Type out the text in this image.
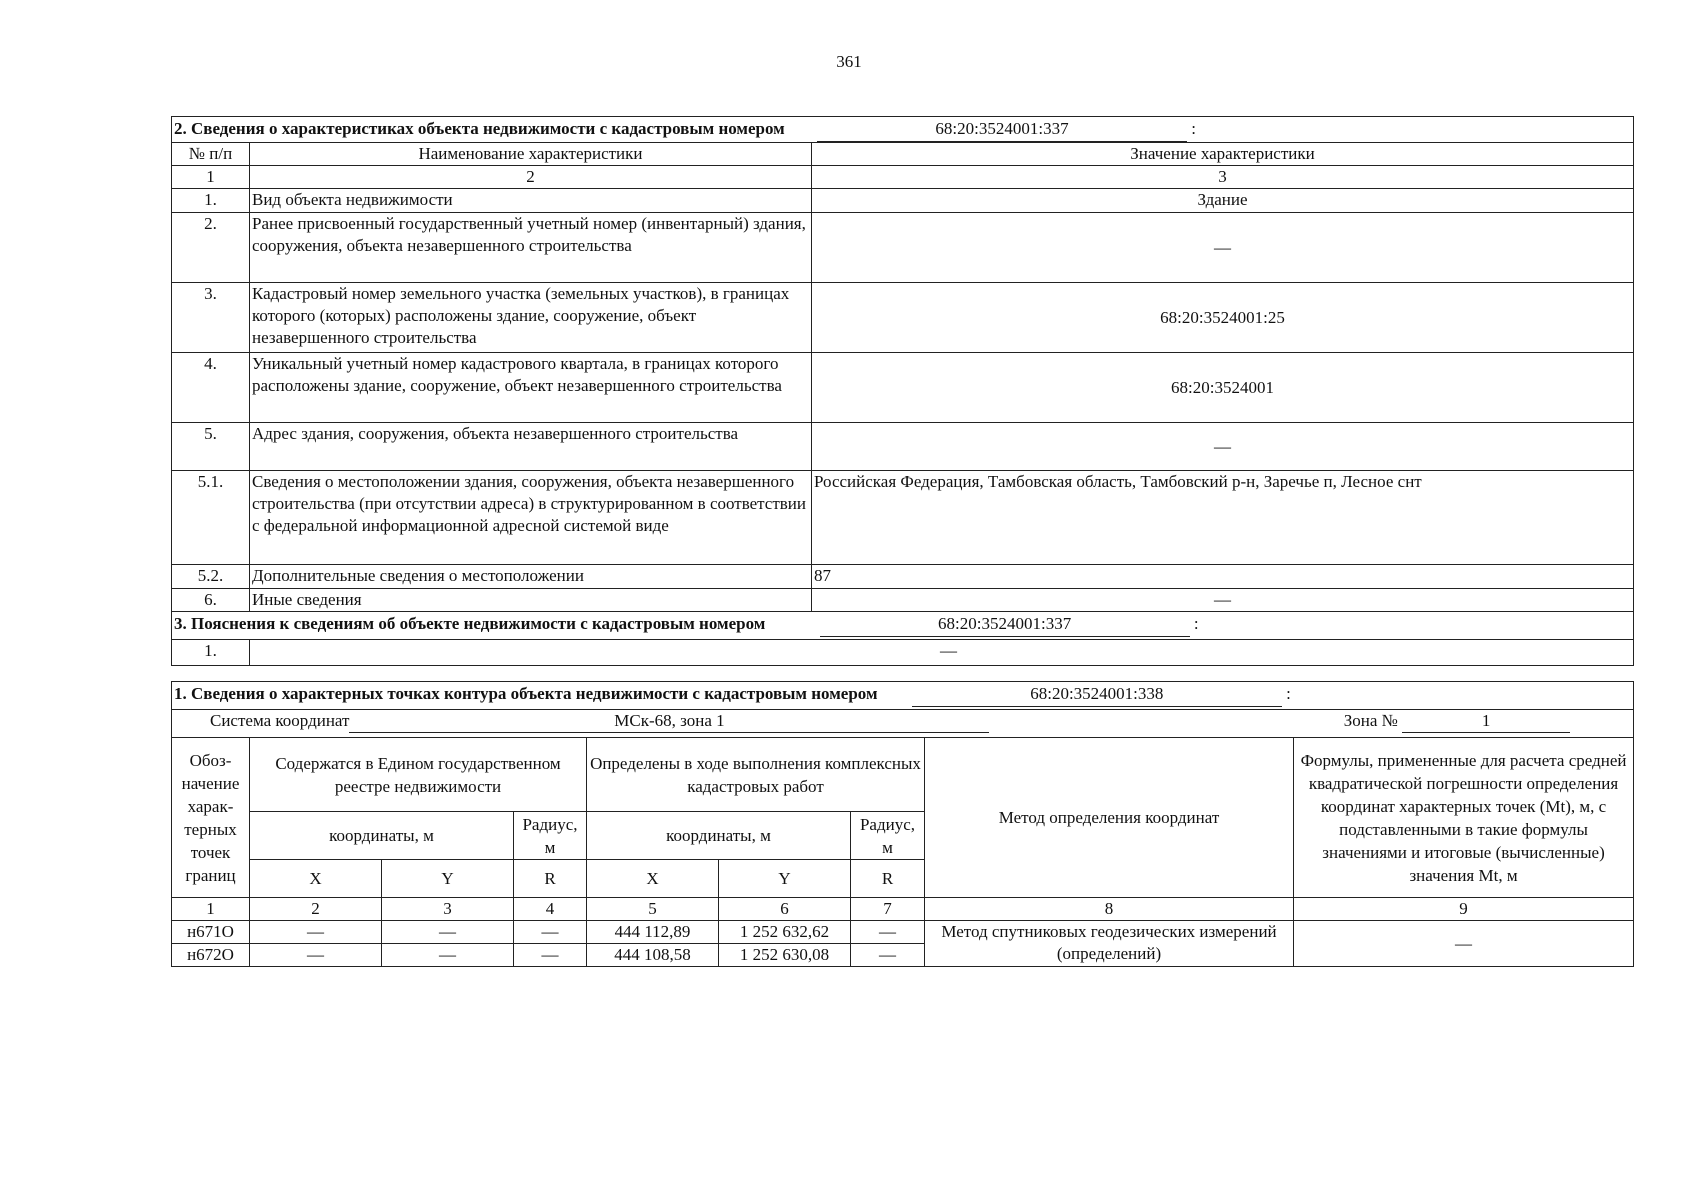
361
2. Сведения о характеристиках объекта недвижимости с кадастровым номером 68:20:3524001:337 :		
№ п/п	Наименование характеристики	Значение характеристики
1	2	3
1.	Вид объекта недвижимости	Здание
2.	Ранее присвоенный государственный учетный номер (инвентарный) здания, сооружения, объекта незавершенного строительства	—
3.	Кадастровый номер земельного участка (земельных участков), в границах которого (которых) расположены здание, сооружение, объект незавершенного строительства	68:20:3524001:25
4.	Уникальный учетный номер кадастрового квартала, в границах которого расположены здание, сооружение, объект незавершенного строительства	68:20:3524001
5.	Адрес здания, сооружения, объекта незавершенного строительства	—
5.1.	Сведения о местоположении здания, сооружения, объекта незавершенного строительства (при отсутствии адреса) в структурированном в соответствии с федеральной информационной адресной системой виде	Российская Федерация, Тамбовская область, Тамбовский р-н, Заречье п, Лесное снт
5.2.	Дополнительные сведения о местоположении	87
6.	Иные сведения	—
3. Пояснения к сведениям об объекте недвижимости с кадастровым номером 68:20:3524001:337 :		
1.	—	
1. Сведения о характерных точках контура объекта недвижимости с кадастровым номером 68:20:3524001:338 :								
Система координат МСк-68, зона 1 Зона № 1								
Обоз-начение харак-терных точек границ	Содержатся в Едином государственном реестре недвижимости			Определены в ходе выполнения комплексных кадастровых работ			Метод определения координат	Формулы, примененные для расчета средней квадратической погрешности определения координат характерных точек (Mt), м, с подставленными в такие формулы значениями и итоговые (вычисленные) значения Mt, м
	координаты, м		Радиус, м	координаты, м		Радиус, м		
	X	Y	R	X	Y	R		
1	2	3	4	5	6	7	8	9
н671О	—	—	—	444 112,89	1 252 632,62	—	Метод спутниковых геодезических измерений (определений)	—
н672О	—	—	—	444 108,58	1 252 630,08	—		
